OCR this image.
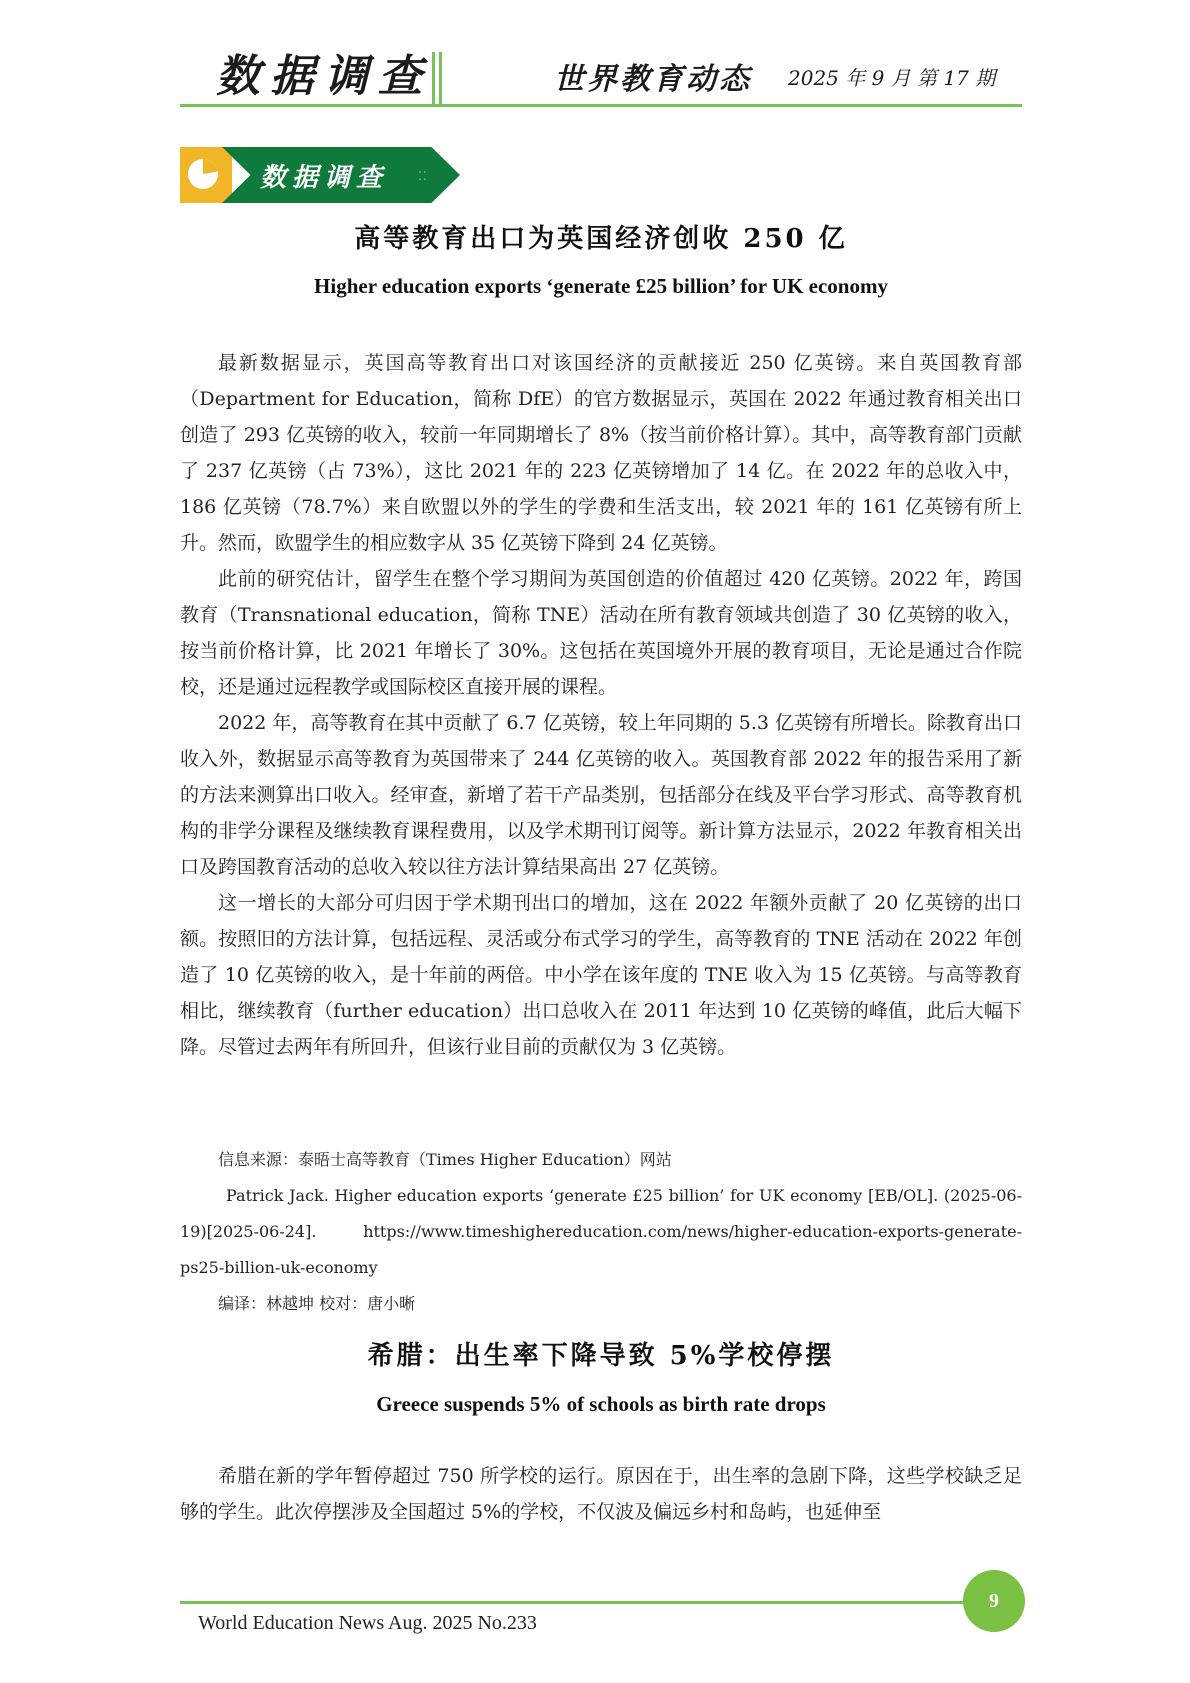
数据调查	世界教育动态 2025 年 9 月 第 17 期
数据调查 ⁚⁚
高等教育出口为英国经济创收 250 亿
Higher education exports ‘generate £25 billion’ for UK economy

最新数据显示，英国高等教育出口对该国经济的贡献接近 250 亿英镑。来自英国教育部（Department for Education，简称 DfE）的官方数据显示，英国在 2022 年通过教育相关出口创造了 293 亿英镑的收入，较前一年同期增长了 8%（按当前价格计算）。其中，高等教育部门贡献了 237 亿英镑（占 73%），这比 2021 年的 223 亿英镑增加了 14 亿。在 2022 年的总收入中，186 亿英镑（78.7%）来自欧盟以外的学生的学费和生活支出，较 2021 年的 161 亿英镑有所上升。然而，欧盟学生的相应数字从 35 亿英镑下降到 24 亿英镑。

此前的研究估计，留学生在整个学习期间为英国创造的价值超过 420 亿英镑。2022 年，跨国教育（Transnational education，简称 TNE）活动在所有教育领域共创造了 30 亿英镑的收入，按当前价格计算，比 2021 年增长了 30%。这包括在英国境外开展的教育项目，无论是通过合作院校，还是通过远程教学或国际校区直接开展的课程。

2022 年，高等教育在其中贡献了 6.7 亿英镑，较上年同期的 5.3 亿英镑有所增长。除教育出口收入外，数据显示高等教育为英国带来了 244 亿英镑的收入。英国教育部 2022 年的报告采用了新的方法来测算出口收入。经审查，新增了若干产品类别，包括部分在线及平台学习形式、高等教育机构的非学分课程及继续教育课程费用，以及学术期刊订阅等。新计算方法显示，2022 年教育相关出口及跨国教育活动的总收入较以往方法计算结果高出 27 亿英镑。

这一增长的大部分可归因于学术期刊出口的增加，这在 2022 年额外贡献了 20 亿英镑的出口额。按照旧的方法计算，包括远程、灵活或分布式学习的学生，高等教育的 TNE 活动在 2022 年创造了 10 亿英镑的收入，是十年前的两倍。中小学在该年度的 TNE 收入为 15 亿英镑。与高等教育相比，继续教育（further education）出口总收入在 2011 年达到 10 亿英镑的峰值，此后大幅下降。尽管过去两年有所回升，但该行业目前的贡献仅为 3 亿英镑。

信息来源：泰晤士高等教育（Times Higher Education）网站

Patrick Jack. Higher education exports ‘generate £25 billion’ for UK economy [EB/OL]. (2025-06-19)[2025-06-24]. https://www.timeshighereducation.com/news/higher-education-exports-generate-ps25-billion-uk-economy

编译：林越坤 校对：唐小晰

希腊：出生率下降导致 5%学校停摆
Greece suspends 5% of schools as birth rate drops

希腊在新的学年暂停超过 750 所学校的运行。原因在于，出生率的急剧下降，这些学校缺乏足够的学生。此次停摆涉及全国超过 5%的学校，不仅波及偏远乡村和岛屿，也延伸至

World Education News Aug. 2025 No.233
9
